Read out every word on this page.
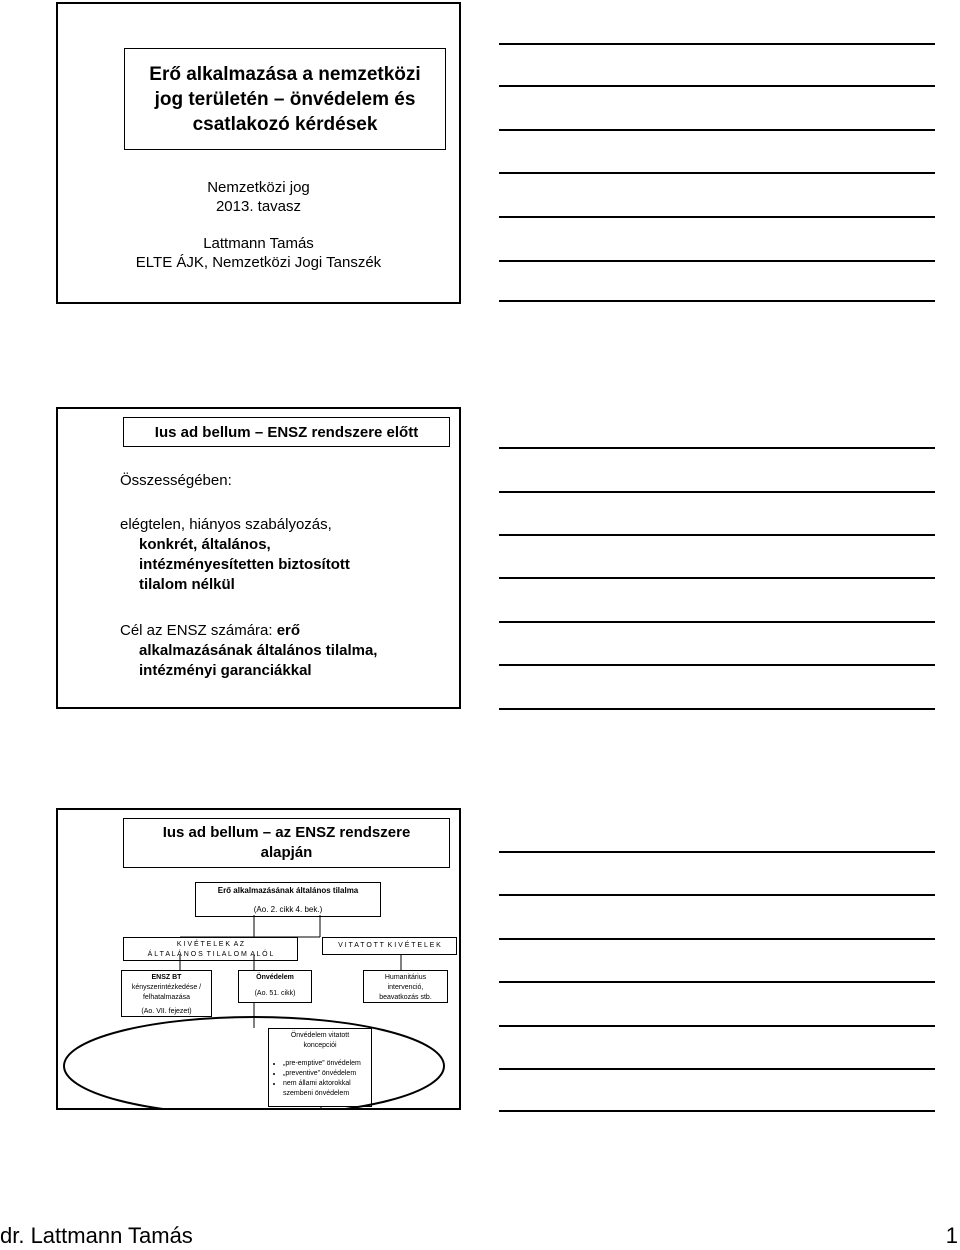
Erő alkalmazása a nemzetközi
jog területén – önvédelem és
csatlakozó kérdések
Nemzetközi jog
2013. tavasz
Lattmann Tamás
ELTE ÁJK, Nemzetközi Jogi Tanszék
Ius ad bellum – ENSZ rendszere előtt
Összességében:
elégtelen, hiányos szabályozás,
konkrét, általános,
intézményesítetten biztosított
tilalom nélkül
Cél az ENSZ számára: erő
alkalmazásának általános tilalma,
intézményi garanciákkal
Ius ad bellum – az ENSZ rendszere
alapján
Erő alkalmazásának általános tilalma
(Ao. 2. cikk 4. bek.)
K I V É T E L E K  A Z
Á L T A L Á N O S  T I L A L O M  A L Ó L
V I T A T O T T  K I V É T E L E K
ENSZ BT
kényszerintézkedése /
felhatalmazása
(Ao. VII. fejezet)
Önvédelem
(Ao. 51. cikk)
Humanitárius
intervenció,
beavatkozás stb.
Önvédelem vitatott
koncepciói
• „pre-emptive” önvédelem
• „preventive” önvédelem
• nem állami aktorokkal
szembeni önvédelem
dr. Lattmann Tamás	1
